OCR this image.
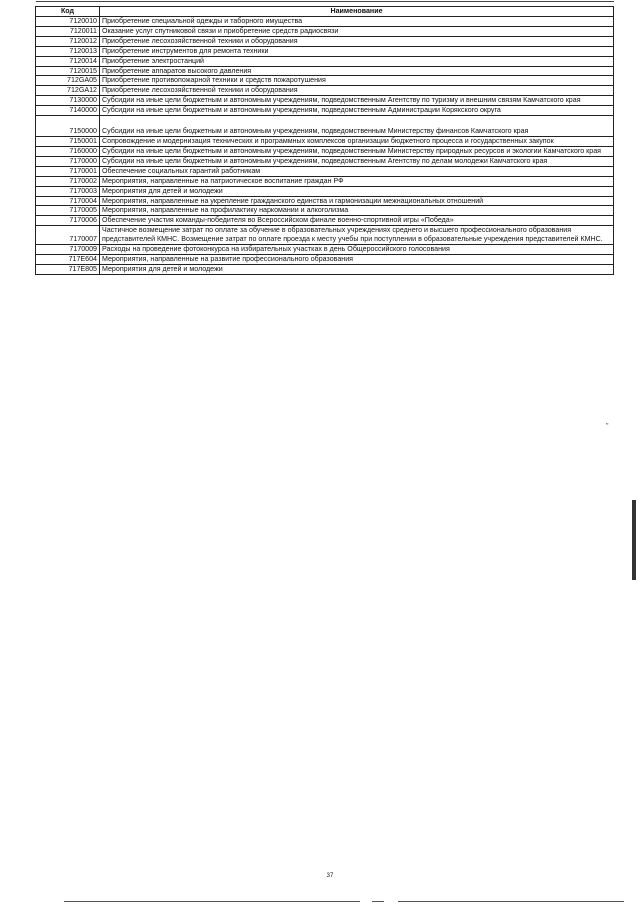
Код	Наименование
7120010	Приобретение специальной одежды и таборного имущества
7120011	Оказание услуг спутниковой связи и приобретение средств радиосвязи
7120012	Приобретение лесохозяйственной техники и оборудования
7120013	Приобретение инструментов для ремонта техники
7120014	Приобретение электростанций
7120015	Приобретение аппаратов высокого давления
712GA05	Приобретение противопожарной техники и средств пожаротушения
712GA12	Приобретение лесохозяйственной техники и оборудования
7130000	Субсидии на иные цели бюджетным и автономным учреждениям, подведомственным Агентству по туризму и внешним связям Камчатского края
7140000	Субсидии на иные цели бюджетным и автономным учреждениям, подведомственным Администрации Корякского округа
7150000	Субсидии на иные цели бюджетным и автономным учреждениям, подведомственным Министерству финансов Камчатского края
7150001	Сопровождение и модернизация технических и программных комплексов организации бюджетного процесса и государственных закупок
7160000	Субсидии на иные цели бюджетным и автономным учреждениям, подведомственным Министерству природных ресурсов и экологии Камчатского края
7170000	Субсидии на иные цели бюджетным и автономным учреждениям, подведомственным Агентству по делам молодежи Камчатского края
7170001	Обеспечение социальных гарантий работникам
7170002	Мероприятия, направленные на патриотическое воспитание граждан РФ
7170003	Мероприятия для детей и молодежи
7170004	Мероприятия, направленные на укрепление гражданского единства и гармонизации межнациональных отношений
7170005	Мероприятия, направленные на профилактику наркомании и алкоголизма
7170006	Обеспечение участия команды-победителя во Всероссийском финале военно-спортивной игры «Победа»
7170007	Частичное возмещение затрат по оплате за обучение в образовательных учреждениях среднего и высшего профессионального образования представителей КМНС. Возмещение затрат по оплате проезда к месту учебы при поступлении в образовательные учреждения представителей КМНС.
7170009	Расходы на проведение фотоконкурса на избирательных участках в день Общероссийского голосования
717E604	Мероприятия, направленные на развитие профессионального образования
717E805	Мероприятия для детей и молодежи
"
37
